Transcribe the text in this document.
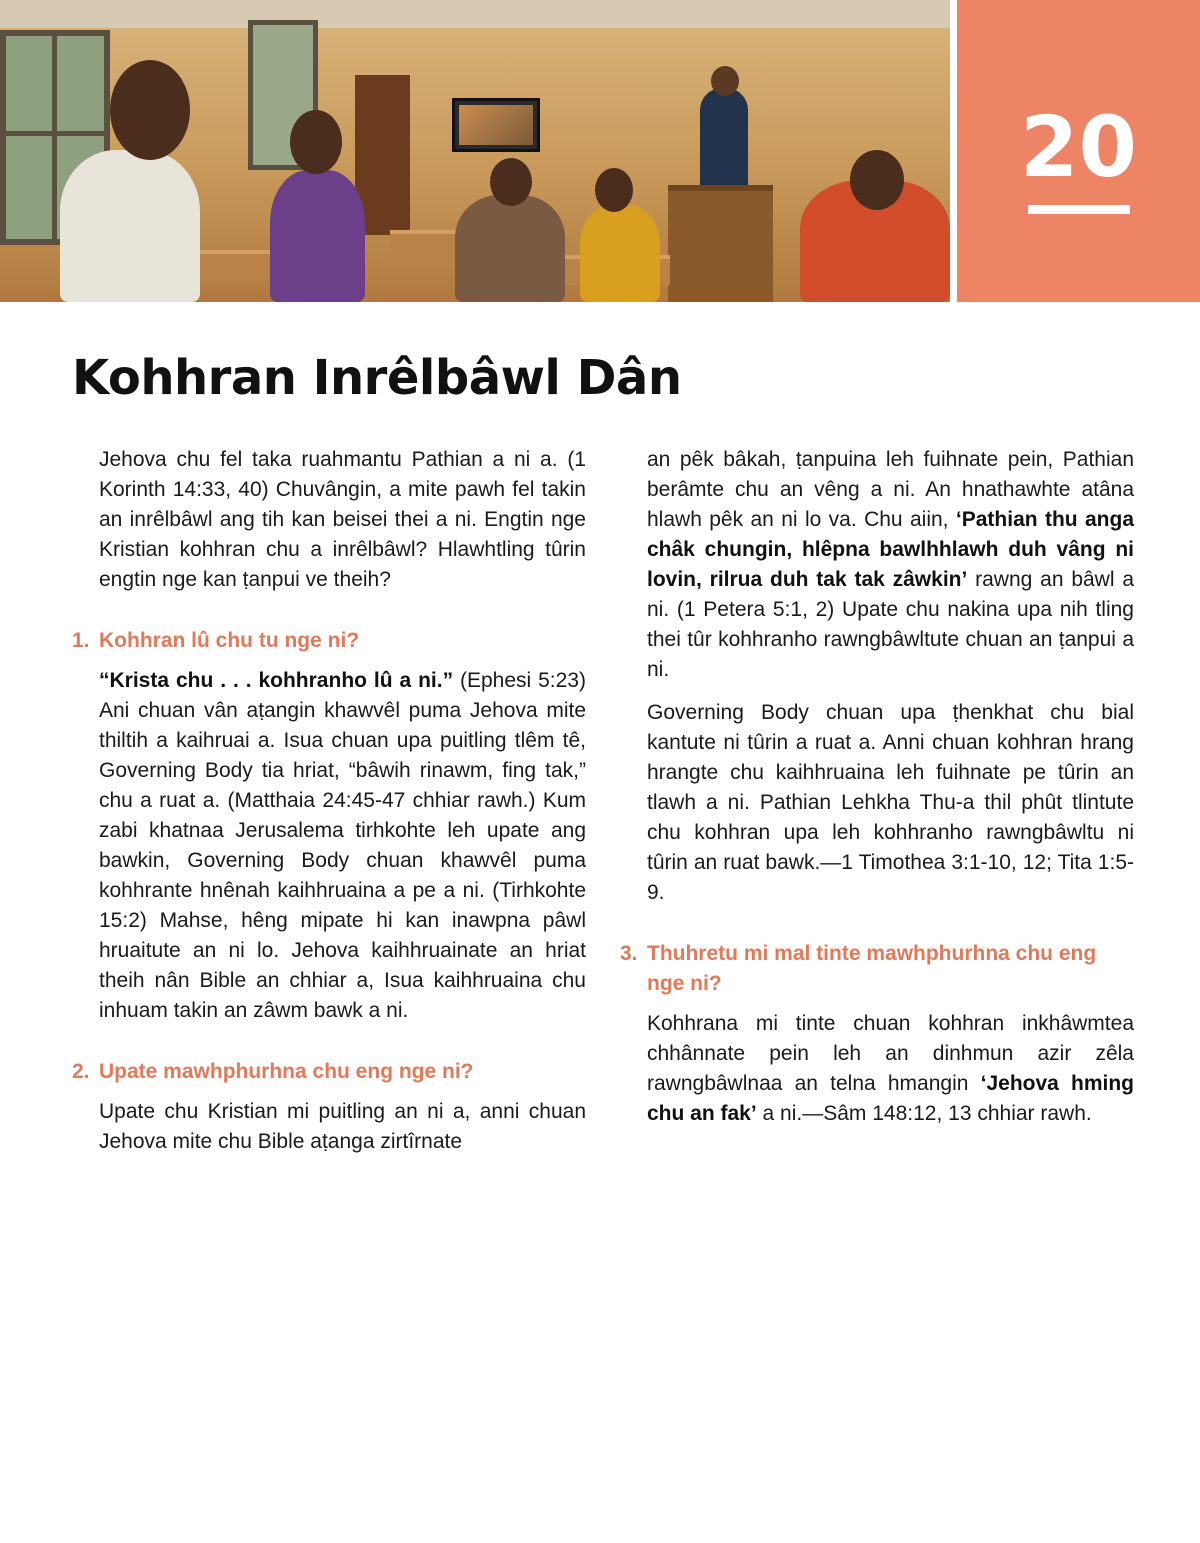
20
Kohhran Inrêlbâwl Dân

Jehova chu fel taka ruahmantu Pathian a ni a. (1 Korinth 14:33, 40) Chuvângin, a mite pawh fel takin an inrêlbâwl ang tih kan beisei thei a ni. Engtin nge Kristian kohhran chu a inrêlbâwl? Hlawhtling tûrin engtin nge kan ṭanpui ve theih?

1. Kohhran lû chu tu nge ni?

“Krista chu . . . kohhranho lû a ni.” (Ephesi 5:23) Ani chuan vân aṭangin khawvêl puma Jehova mite thiltih a kaihruai a. Isua chuan upa puitling tlêm tê, Governing Body tia hriat, “bâwih rinawm, fing tak,” chu a ruat a. (Matthaia 24:45-47 chhiar rawh.) Kum zabi khatnaa Jerusalema tirhkohte leh upate ang bawkin, Governing Body chuan khawvêl puma kohhrante hnênah kaihhruaina a pe a ni. (Tirhkohte 15:2) Mahse, hêng mipate hi kan inawpna pâwl hruaitute an ni lo. Jehova kaihhruainate an hriat theih nân Bible an chhiar a, Isua kaihhruaina chu inhuam takin an zâwm bawk a ni.

2. Upate mawhphurhna chu eng nge ni?

Upate chu Kristian mi puitling an ni a, anni chuan Jehova mite chu Bible aṭanga zirtîrnate

an pêk bâkah, ṭanpuina leh fuihnate pein, Pathian berâmte chu an vêng a ni. An hnathawhte atâna hlawh pêk an ni lo va. Chu aiin, ‘Pathian thu anga châk chungin, hlêpna bawlhhlawh duh vâng ni lovin, rilrua duh tak tak zâwkin’ rawng an bâwl a ni. (1 Petera 5:1, 2) Upate chu nakina upa nih tling thei tûr kohhranho rawngbâwltute chuan an ṭanpui a ni.

Governing Body chuan upa ṭhenkhat chu bial kantute ni tûrin a ruat a. Anni chuan kohhran hrang hrangte chu kaihhruaina leh fuihnate pe tûrin an tlawh a ni. Pathian Lehkha Thu-a thil phût tlintute chu kohhran upa leh kohhranho rawngbâwltu ni tûrin an ruat bawk.—1 Timothea 3:1-10, 12; Tita 1:5-9.

3. Thuhretu mi mal tinte mawhphurhna chu eng nge ni?

Kohhrana mi tinte chuan kohhran inkhâwmtea chhânnate pein leh an dinhmun azir zêla rawngbâwlnaa an telna hmangin ‘Jehova hming chu an fak’ a ni.—Sâm 148:12, 13 chhiar rawh.
